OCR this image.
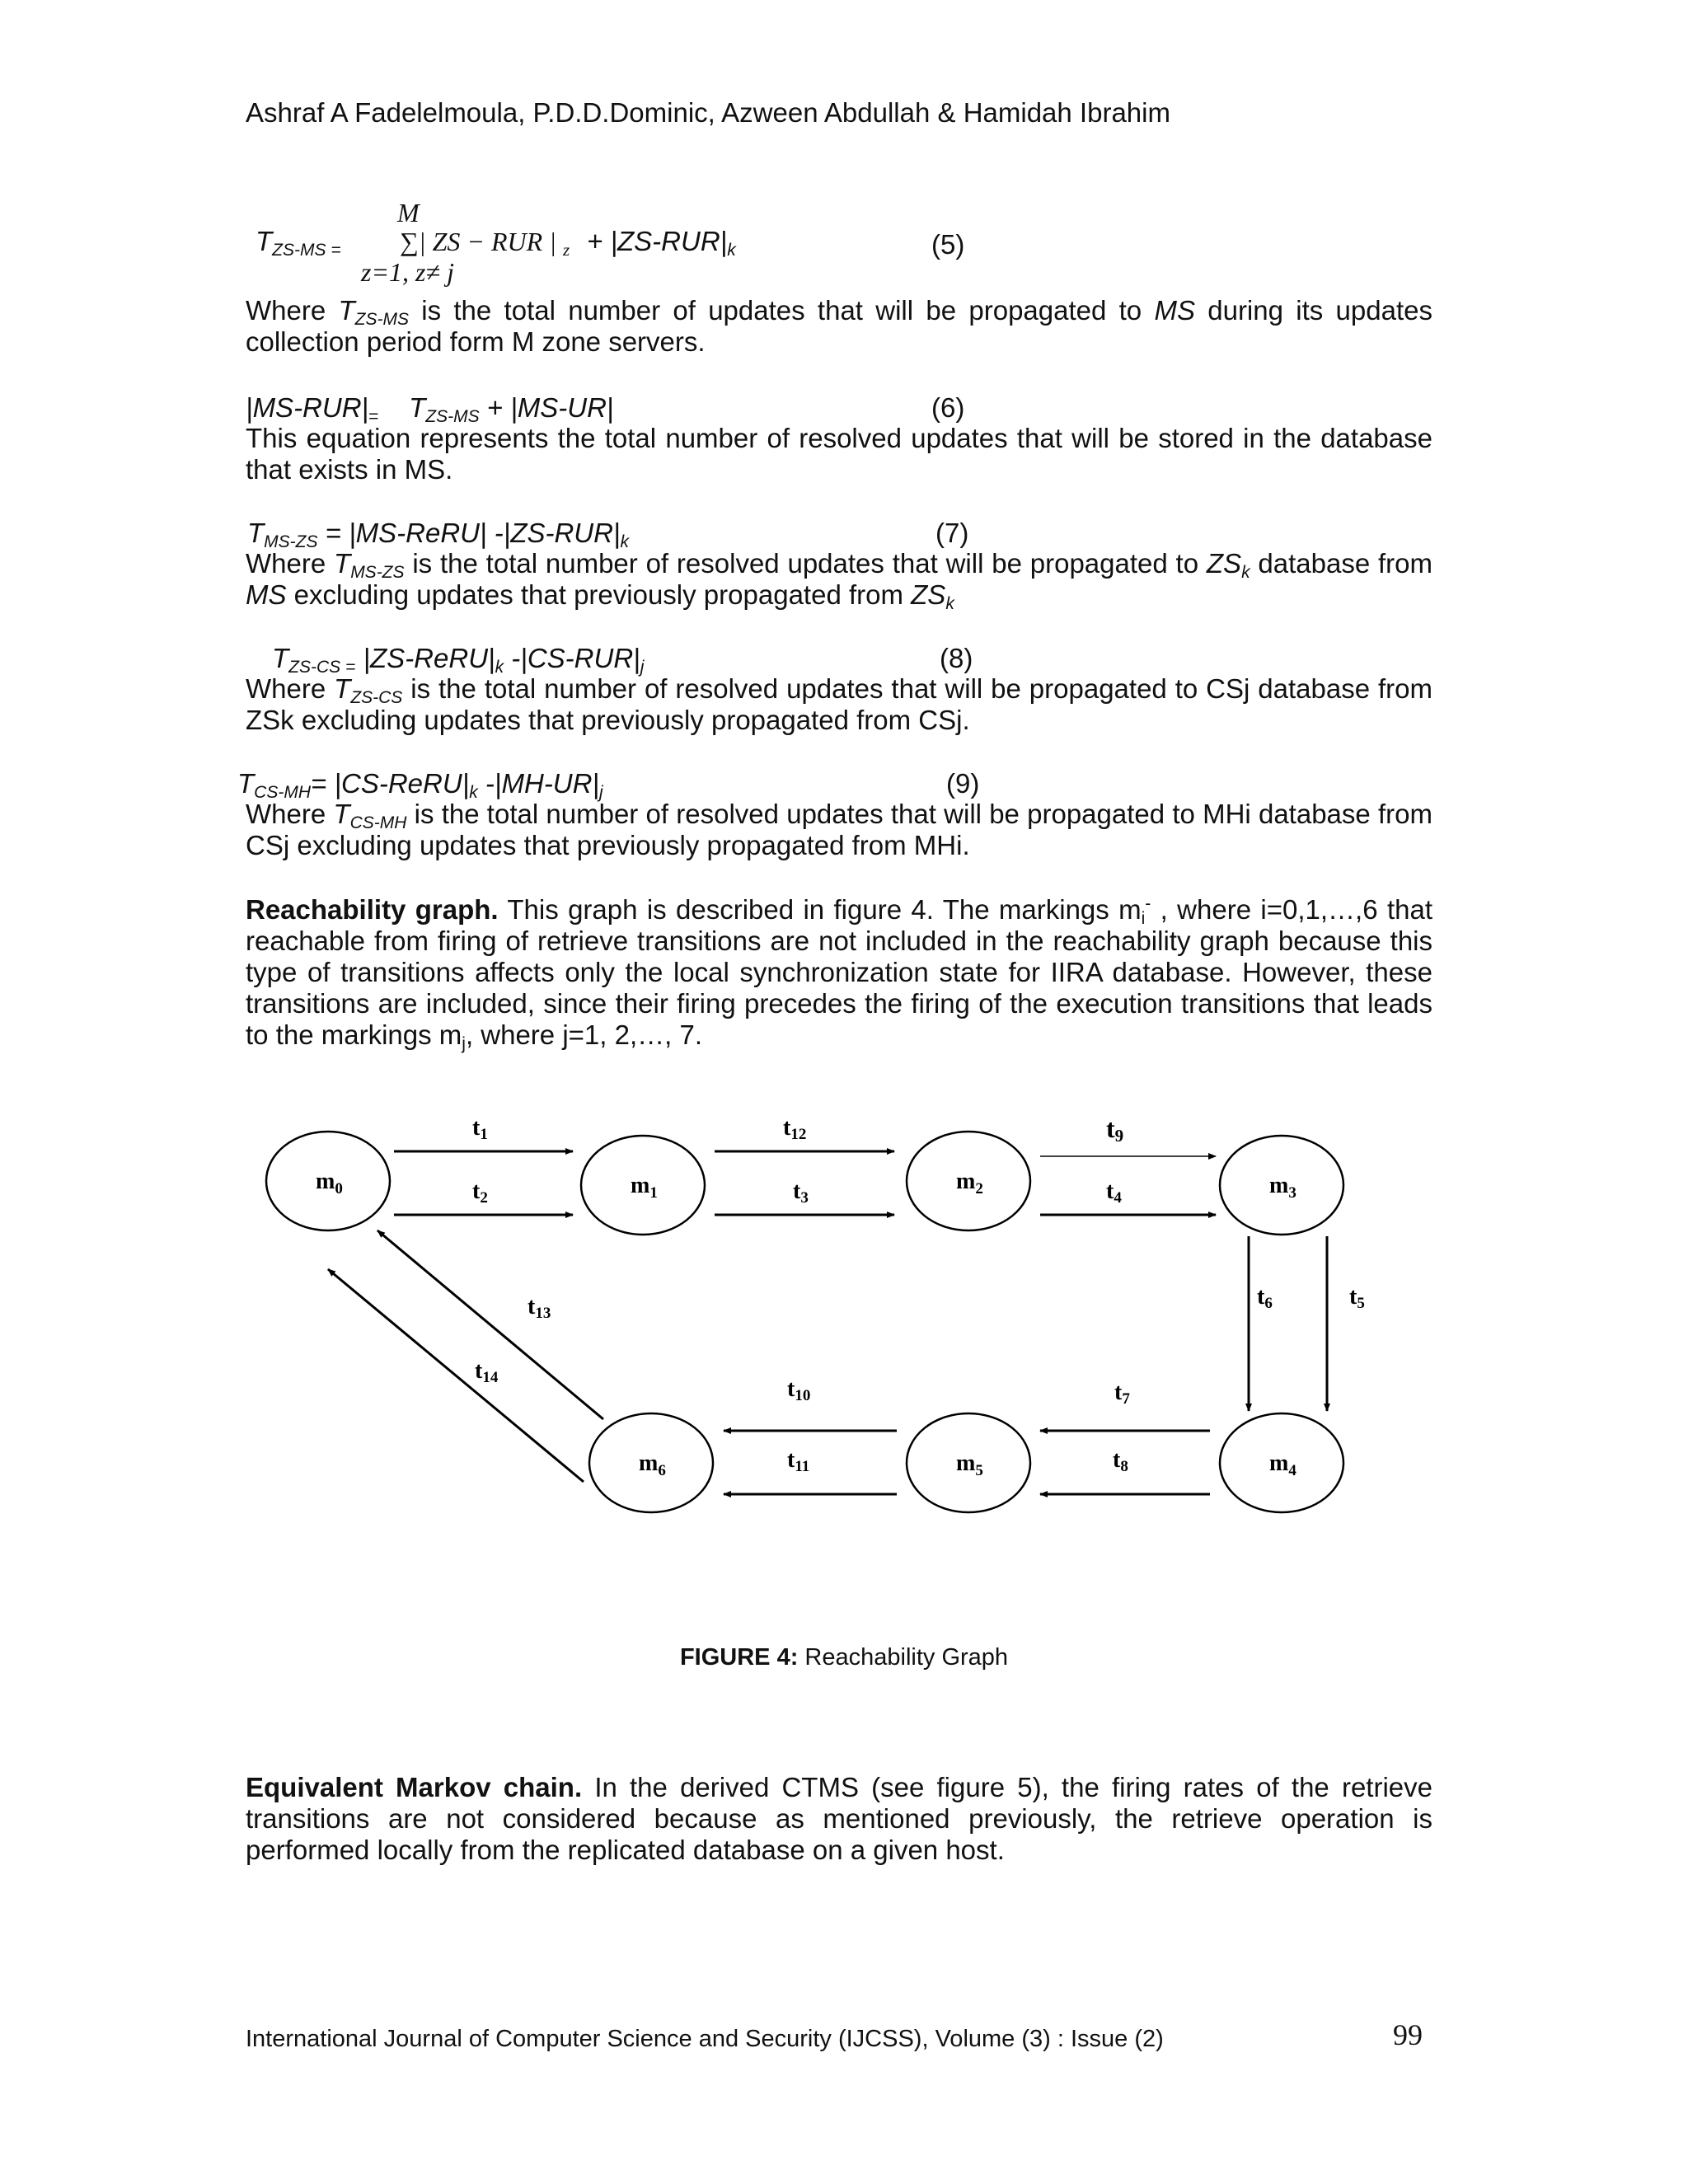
Ashraf A Fadelelmoula, P.D.D.Dominic, Azween Abdullah & Hamidah Ibrahim
M
$T_{ZS-MS =}$ ∑| ZS − RUR | $_z + |ZS-RUR|_k$
z=1, z≠ j
(5)
Where $T_{ZS-MS}$ is the total number of updates that will be propagated to MS during its updates collection period form M zone servers.
$|MS-RUR|_=$ $T_{ZS-MS} + |MS-UR|$	(6)
This equation represents the total number of resolved updates that will be stored in the database that exists in MS.
$T_{MS-ZS}$ = |MS-ReRU| $-|ZS-RUR|_k$	(7)
Where $T_{MS-ZS}$ is the total number of resolved updates that will be propagated to $ZS_k$ database from MS excluding updates that previously propagated from $ZS_k$
$T_{ZS-CS =}$ $|ZS-ReRU|_k$ $-|CS-RUR|_j$	(8)
Where $T_{ZS-CS}$ is the total number of resolved updates that will be propagated to CSj database from ZSk excluding updates that previously propagated from CSj.
$T_{CS-MH}=$ $|CS-ReRU|_k$ $-|MH-UR|_j$	(9)
Where $T_{CS-MH}$ is the total number of resolved updates that will be propagated to MHi database from CSj excluding updates that previously propagated from MHi.
Reachability graph. This graph is described in figure 4. The markings $m_i^-$ , where i=0,1,…,6 that reachable from firing of retrieve transitions are not included in the reachability graph because this type of transitions affects only the local synchronization state for IIRA database. However, these transitions are included, since their firing precedes the firing of the execution transitions that leads to the markings $m_j$, where j=1, 2,…, 7.
$m_0$	$m_1$	$m_2$	$m_3$
$m_4$
$m_5$
$m_6$
t1
t2
t12
t3
t9
t4
t6	t5
t7
t8
t10
t11
t13
t14
FIGURE 4: Reachability Graph
Equivalent Markov chain. In the derived CTMS (see figure 5), the firing rates of the retrieve transitions are not considered because as mentioned previously, the retrieve operation is performed locally from the replicated database on a given host.
International Journal of Computer Science and Security (IJCSS), Volume (3) : Issue (2)	99
